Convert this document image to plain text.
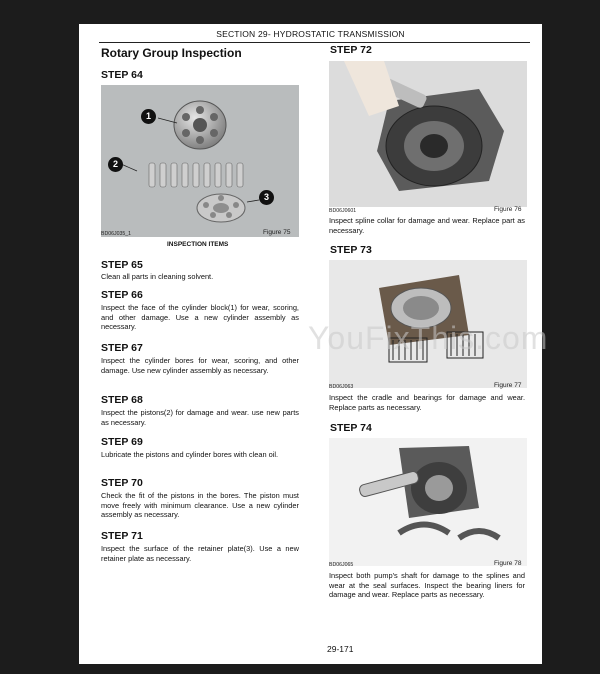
SECTION 29- HYDROSTATIC TRANSMISSION
Rotary Group Inspection
STEP 64
1
2
3
BD06J035_1	Figure 75
INSPECTION ITEMS
STEP 65
Clean all parts in cleaning solvent.
STEP 66
Inspect the face of the cylinder block(1) for wear, scoring, and other damage. Use a new cylinder assembly as necessary.
STEP 67
Inspect the cylinder bores for wear, scoring, and other damage. Use new cylinder assembly as necessary.
STEP 68
Inspect the pistons(2) for damage and wear. use new parts as necessary.
STEP 69
Lubricate the pistons and cylinder bores with clean oil.
STEP 70
Check the fit of the pistons in the bores. The piston must move freely with minimum clearance. Use a new cylinder assembly as necessary.
STEP 71
Inspect the surface of the retainer plate(3). Use a new retainer plate as necessary.
STEP 72
BD06J0601	Figure 76
Inspect spline collar for damage and wear. Replace part as necessary.
STEP 73
BD06J063	Figure 77
Inspect the cradle and bearings for damage and wear. Replace parts as necessary.
STEP 74
BD06J065	Figure 78
Inspect both pump's shaft for damage to the splines and wear at the seal surfaces. Inspect the bearing liners for damage and wear. Replace parts as necessary.
29-171
YouFixThis.com
